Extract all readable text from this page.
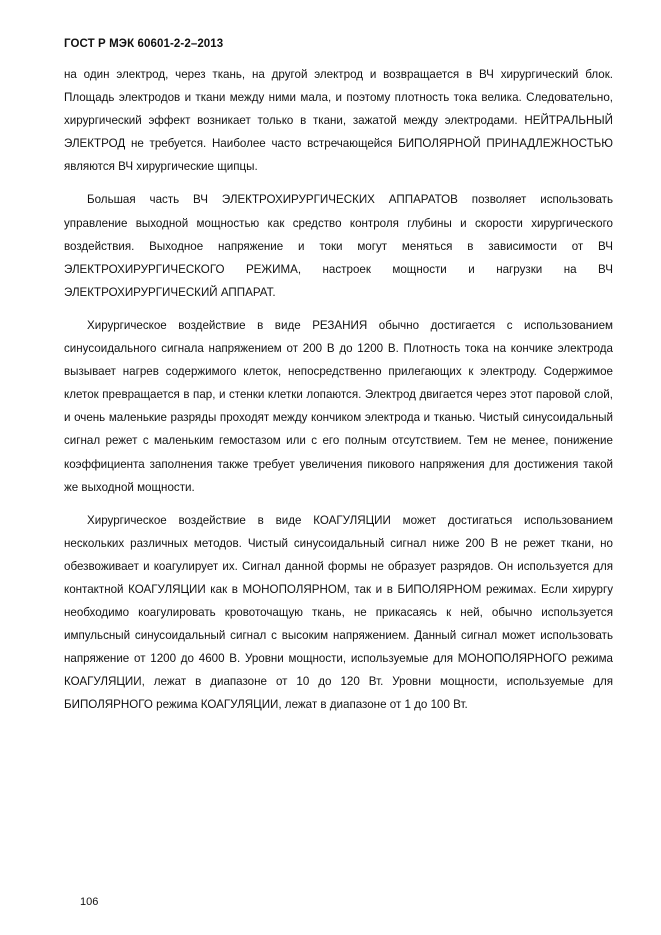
ГОСТ Р МЭК 60601-2-2–2013

на один электрод, через ткань, на другой электрод и возвращается в ВЧ хирургический блок. Площадь электродов и ткани между ними мала, и поэтому плотность тока велика. Следовательно, хирургический эффект возникает только в ткани, зажатой между электродами. НЕЙТРАЛЬНЫЙ ЭЛЕКТРОД не требуется. Наиболее часто встречающейся БИПОЛЯРНОЙ ПРИНАДЛЕЖНОСТЬЮ являются ВЧ хирургические щипцы.

Большая часть ВЧ ЭЛЕКТРОХИРУРГИЧЕСКИХ АППАРАТОВ позволяет использовать управление выходной мощностью как средство контроля глубины и скорости хирургического воздействия. Выходное напряжение и токи могут меняться в зависимости от ВЧ ЭЛЕКТРОХИРУРГИЧЕСКОГО РЕЖИМА, настроек мощности и нагрузки на ВЧ ЭЛЕКТРОХИРУРГИЧЕСКИЙ АППАРАТ.

Хирургическое воздействие в виде РЕЗАНИЯ обычно достигается с использованием синусоидального сигнала напряжением от 200 В до 1200 В. Плотность тока на кончике электрода вызывает нагрев содержимого клеток, непосредственно прилегающих к электроду. Содержимое клеток превращается в пар, и стенки клетки лопаются. Электрод двигается через этот паровой слой, и очень маленькие разряды проходят между кончиком электрода и тканью. Чистый синусоидальный сигнал режет с маленьким гемостазом или с его полным отсутствием. Тем не менее, понижение коэффициента заполнения также требует увеличения пикового напряжения для достижения такой же выходной мощности.

Хирургическое воздействие в виде КОАГУЛЯЦИИ может достигаться использованием нескольких различных методов. Чистый синусоидальный сигнал ниже 200 В не режет ткани, но обезвоживает и коагулирует их. Сигнал данной формы не образует разрядов. Он используется для контактной КОАГУЛЯЦИИ как в МОНОПОЛЯРНОМ, так и в БИПОЛЯРНОМ режимах. Если хирургу необходимо коагулировать кровоточащую ткань, не прикасаясь к ней, обычно используется импульсный синусоидальный сигнал с высоким напряжением. Данный сигнал может использовать напряжение от 1200 до 4600 В. Уровни мощности, используемые для МОНОПОЛЯРНОГО режима КОАГУЛЯЦИИ, лежат в диапазоне от 10 до 120 Вт. Уровни мощности, используемые для БИПОЛЯРНОГО режима КОАГУЛЯЦИИ, лежат в диапазоне от 1 до 100 Вт.

106
